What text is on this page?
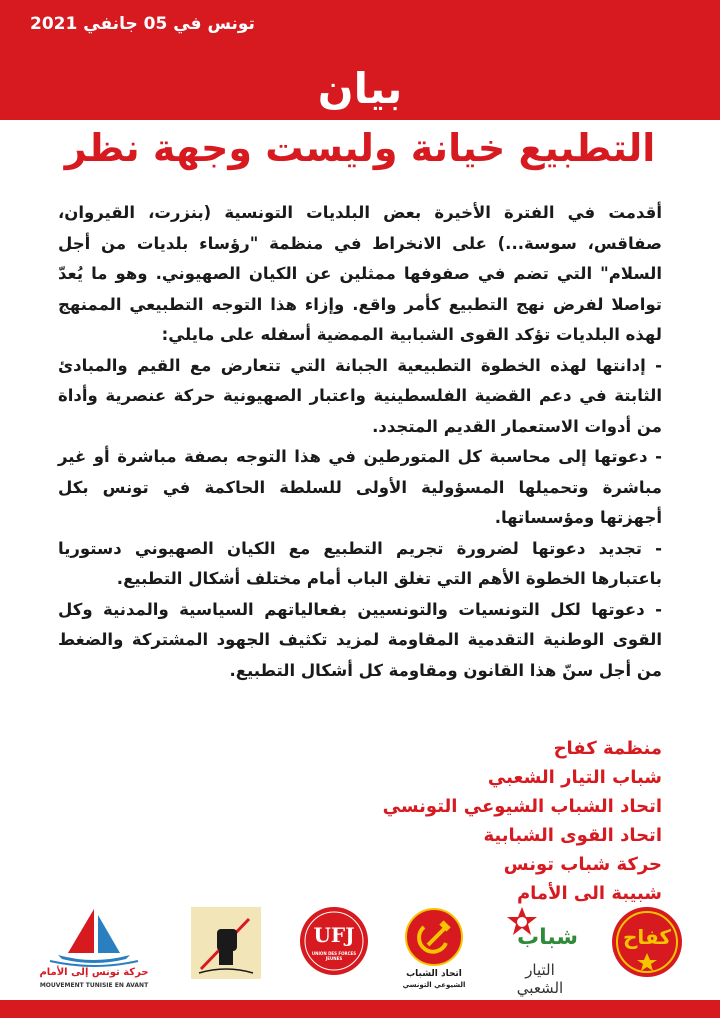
تونس في 05 جانفي 2021
بيان
التطبيع خيانة وليست وجهة نظر

أقدمت في الفترة الأخيرة بعض البلديات التونسية (بنزرت، القيروان، صفاقس، سوسة...) على الانخراط في منظمة "رؤساء بلديات من أجل السلام" التي تضم في صفوفها ممثلين عن الكيان الصهيوني. وهو ما يُعدّ تواصلا لفرض نهج التطبيع كأمر واقع. وإزاء هذا التوجه التطبيعي الممنهج لهذه البلديات تؤكد القوى الشبابية الممضية أسفله على مايلي:

- إدانتها لهذه الخطوة التطبيعية الجبانة التي تتعارض مع القيم والمبادئ الثابتة في دعم القضية الفلسطينية واعتبار الصهيونية حركة عنصرية وأداة من أدوات الاستعمار القديم المتجدد.

- دعوتها إلى محاسبة كل المتورطين في هذا التوجه بصفة مباشرة أو غير مباشرة وتحميلها المسؤولية الأولى للسلطة الحاكمة في تونس بكل أجهزتها ومؤسساتها.

- تجديد دعوتها لضرورة تجريم التطبيع مع الكيان الصهيوني دستوريا باعتبارها الخطوة الأهم التي تغلق الباب أمام مختلف أشكال التطبيع.

- دعوتها لكل التونسيات والتونسيين بفعالياتهم السياسية والمدنية وكل القوى الوطنية التقدمية المقاومة لمزيد تكثيف الجهود المشتركة والضغط من أجل سنّ هذا القانون ومقاومة كل أشكال التطبيع.

منظمة كفاح
شباب التيار الشعبي
اتحاد الشباب الشيوعي التونسي
اتحاد القوى الشبابية
حركة شباب تونس
شبيبة الى الأمام
حركة تونس إلى الأمام
MOUVEMENT TUNISIE EN AVANT
UFJ
UNION DES FORCES JEUNES
اتحاد الشباب
الشيوعي التونسي
شباب
التيار الشعبي
كفاح
